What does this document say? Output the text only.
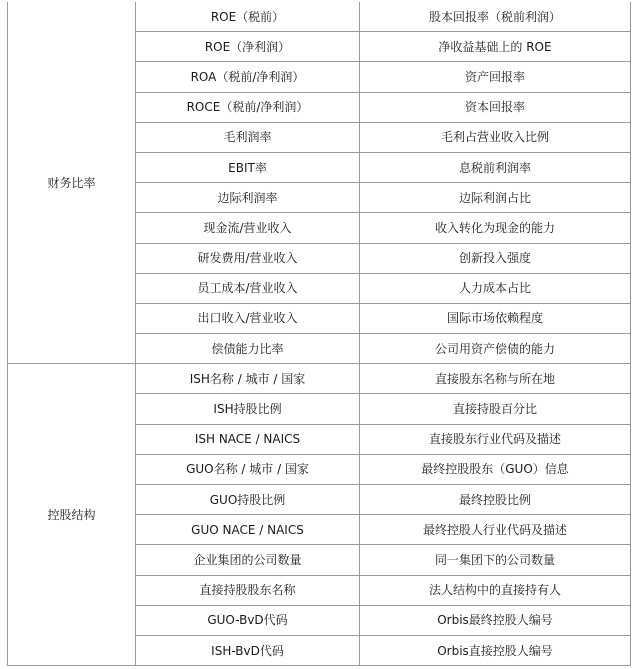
财务比率	ROE（税前）	股本回报率（税前利润）
	ROE（净利润）	净收益基础上的 ROE
	ROA（税前/净利润）	资产回报率
	ROCE（税前/净利润）	资本回报率
	毛利润率	毛利占营业收入比例
	EBIT率	息税前利润率
	边际利润率	边际利润占比
	现金流/营业收入	收入转化为现金的能力
	研发费用/营业收入	创新投入强度
	员工成本/营业收入	人力成本占比
	出口收入/营业收入	国际市场依赖程度
	偿债能力比率	公司用资产偿债的能力
控股结构	ISH名称 / 城市 / 国家	直接股东名称与所在地
	ISH持股比例	直接持股百分比
	ISH NACE / NAICS	直接股东行业代码及描述
	GUO名称 / 城市 / 国家	最终控股股东（GUO）信息
	GUO持股比例	最终控股比例
	GUO NACE / NAICS	最终控股人行业代码及描述
	企业集团的公司数量	同一集团下的公司数量
	直接持股股东名称	法人结构中的直接持有人
	GUO-BvD代码	Orbis最终控股人编号
	ISH-BvD代码	Orbis直接控股人编号
